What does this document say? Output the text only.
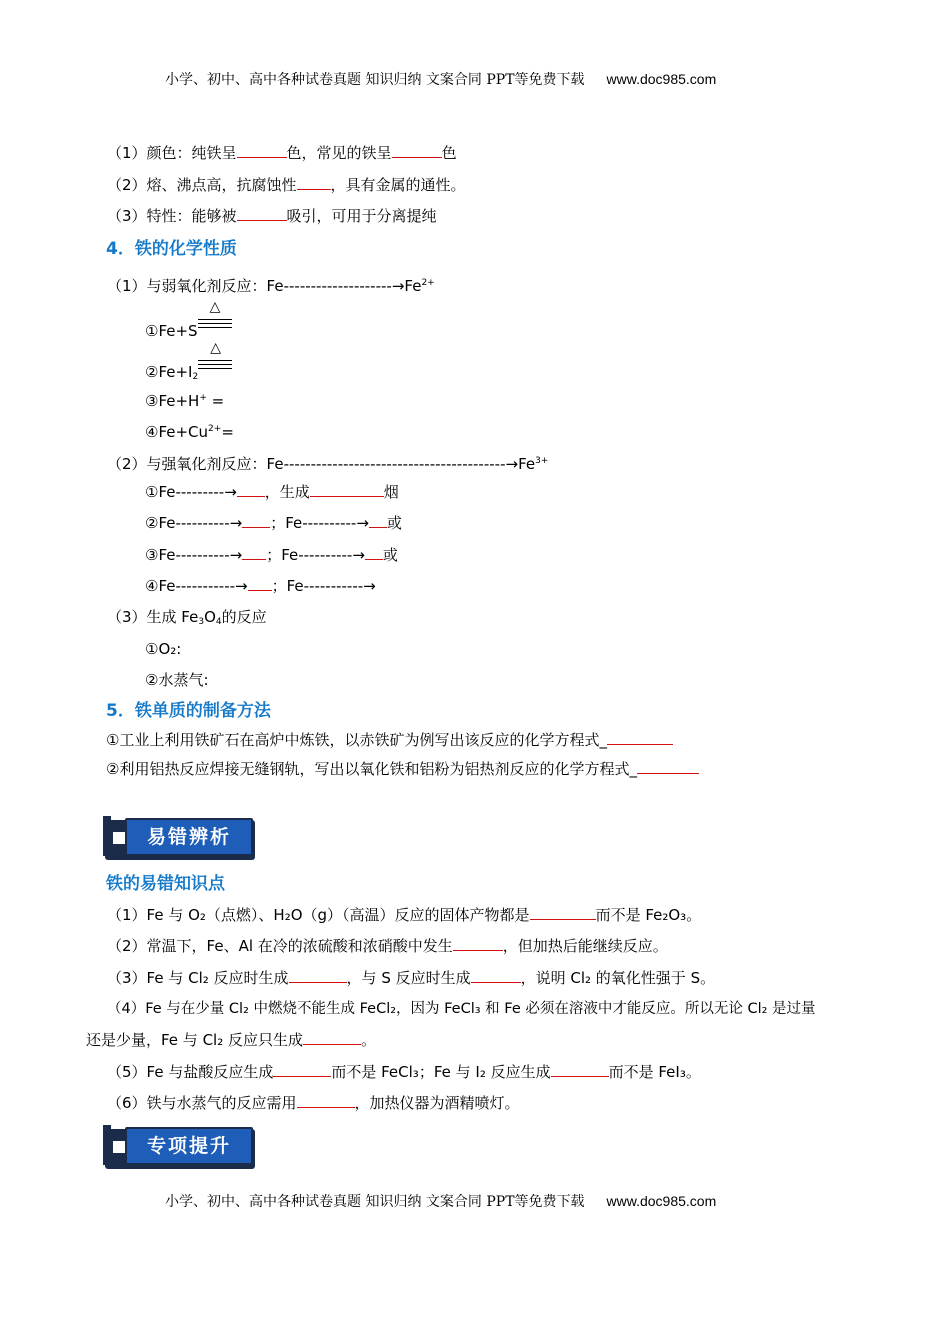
小学、初中、高中各种试卷真题 知识归纳 文案合同 PPT等免费下载 www.doc985.com
（1）颜色：纯铁呈	色，常见的铁呈	色
（2）熔、沸点高，抗腐蚀性 ，具有金属的通性。
（3）特性：能够被	吸引，可用于分离提纯
4．铁的化学性质
（1）与弱氧化剂反应：$Fe--------------------\to Fe^{2+}$
①Fe+S
△
$②Fe+I_2$
△
③Fe+H+ =
$④Fe+Cu^{2+}=$
（2）与强氧化剂反应：$Fe-----------------------------------------\to Fe^{3+}$
①Fe---------→ ，生成	烟
②Fe----------→ ；Fe----------→ 或
③Fe----------→ ；Fe----------→ 或
④Fe-----------→ ；Fe-----------→
（3）生成 $Fe_3O_4$的反应
①O₂:
②水蒸气:
5．铁单质的制备方法
①工业上利用铁矿石在高炉中炼铁，以赤铁矿为例写出该反应的化学方程式_
②利用铝热反应焊接无缝钢轨，写出以氧化铁和铝粉为铝热剂反应的化学方程式_
易错辨析
铁的易错知识点
（1）Fe 与 O₂（点燃）、H₂O（g）（高温）反应的固体产物都是	而不是 Fe₂O₃。
（2）常温下，Fe、Al 在冷的浓硫酸和浓硝酸中发生	，但加热后能继续反应。
（3）Fe 与 Cl₂ 反应时生成	，与 S 反应时生成	，说明 Cl₂ 的氧化性强于 S。
（4）Fe 与在少量 Cl₂ 中燃烧不能生成 FeCl₂，因为 FeCl₃ 和 Fe 必须在溶液中才能反应。所以无论 Cl₂ 是过量
还是少量，Fe 与 Cl₂ 反应只生成	。
（5）Fe 与盐酸反应生成	而不是 FeCl₃；Fe 与 I₂ 反应生成	而不是 FeI₃。
（6）铁与水蒸气的反应需用	，加热仪器为酒精喷灯。
专项提升
小学、初中、高中各种试卷真题 知识归纳 文案合同 PPT等免费下载 www.doc985.com
